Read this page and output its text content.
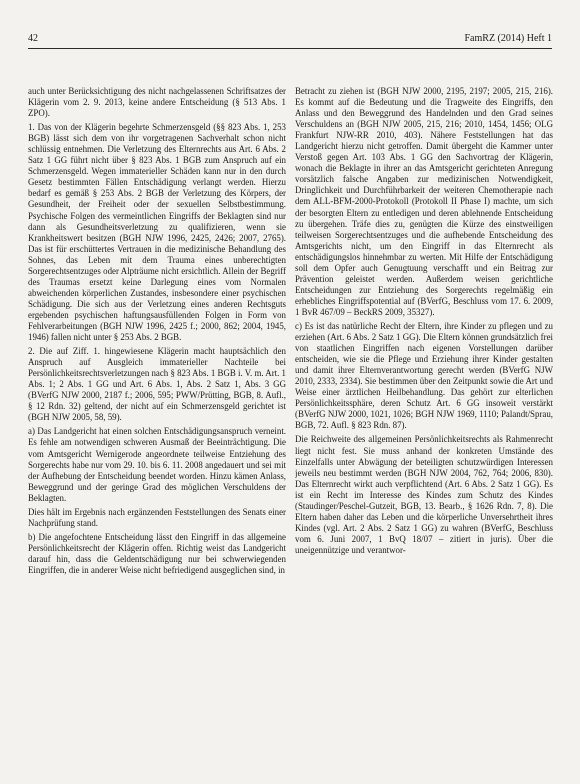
42	FamRZ (2014) Heft 1

auch unter Berücksichtigung des nicht nachgelassenen Schriftsatzes der Klägerin vom 2. 9. 2013, keine andere Entscheidung (§ 513 Abs. 1 ZPO).

1. Das von der Klägerin begehrte Schmerzensgeld (§§ 823 Abs. 1, 253 BGB) lässt sich dem von ihr vorgetragenen Sachverhalt schon nicht schlüssig entnehmen. Die Verletzung des Elternrechts aus Art. 6 Abs. 2 Satz 1 GG führt nicht über § 823 Abs. 1 BGB zum Anspruch auf ein Schmerzensgeld. Wegen immaterieller Schäden kann nur in den durch Gesetz bestimmten Fällen Entschädigung verlangt werden. Hierzu bedarf es gemäß § 253 Abs. 2 BGB der Verletzung des Körpers, der Gesundheit, der Freiheit oder der sexuellen Selbstbestimmung. Psychische Folgen des vermeintlichen Eingriffs der Beklagten sind nur dann als Gesundheitsverletzung zu qualifizieren, wenn sie Krankheitswert besitzen (BGH NJW 1996, 2425, 2426; 2007, 2765). Das ist für erschüttertes Vertrauen in die medizinische Behandlung des Sohnes, das Leben mit dem Trauma eines unberechtigten Sorgerechtsentzuges oder Alpträume nicht ersichtlich. Allein der Begriff des Traumas ersetzt keine Darlegung eines vom Normalen abweichenden körperlichen Zustandes, insbesondere einer psychischen Schädigung. Die sich aus der Verletzung eines anderen Rechtsguts ergebenden psychischen haftungsausfüllenden Folgen in Form von Fehlverarbeitungen (BGH NJW 1996, 2425 f.; 2000, 862; 2004, 1945, 1946) fallen nicht unter § 253 Abs. 2 BGB.

2. Die auf Ziff. 1. hingewiesene Klägerin macht hauptsächlich den Anspruch auf Ausgleich immaterieller Nachteile bei Persönlichkeitsrechtsverletzungen nach § 823 Abs. 1 BGB i. V. m. Art. 1 Abs. 1; 2 Abs. 1 GG und Art. 6 Abs. 1, Abs. 2 Satz 1, Abs. 3 GG (BVerfG NJW 2000, 2187 f.; 2006, 595; PWW/Prütting, BGB, 8. Aufl., § 12 Rdn. 32) geltend, der nicht auf ein Schmerzensgeld gerichtet ist (BGH NJW 2005, 58, 59).

a) Das Landgericht hat einen solchen Entschädigungsanspruch verneint. Es fehle am notwendigen schweren Ausmaß der Beeinträchtigung. Die vom Amtsgericht Wernigerode angeordnete teilweise Entziehung des Sorgerechts habe nur vom 29. 10. bis 6. 11. 2008 angedauert und sei mit der Aufhebung der Entscheidung beendet worden. Hinzu kämen Anlass, Beweggrund und der geringe Grad des möglichen Verschuldens der Beklagten.

Dies hält im Ergebnis nach ergänzenden Feststellungen des Senats einer Nachprüfung stand.

b) Die angefochtene Entscheidung lässt den Eingriff in das allgemeine Persönlichkeitsrecht der Klägerin offen. Richtig weist das Landgericht darauf hin, dass die Geldentschädigung nur bei schwerwiegenden Eingriffen, die in anderer Weise nicht befriedigend ausgeglichen sind, in

Betracht zu ziehen ist (BGH NJW 2000, 2195, 2197; 2005, 215, 216). Es kommt auf die Bedeutung und die Tragweite des Eingriffs, den Anlass und den Beweggrund des Handelnden und den Grad seines Verschuldens an (BGH NJW 2005, 215, 216; 2010, 1454, 1456; OLG Frankfurt NJW-RR 2010, 403). Nähere Feststellungen hat das Landgericht hierzu nicht getroffen. Damit übergeht die Kammer unter Verstoß gegen Art. 103 Abs. 1 GG den Sachvortrag der Klägerin, wonach die Beklagte in ihrer an das Amtsgericht gerichteten Anregung vorsätzlich falsche Angaben zur medizinischen Notwendigkeit, Dringlichkeit und Durchführbarkeit der weiteren Chemotherapie nach dem ALL-BFM-2000-Protokoll (Protokoll II Phase I) machte, um sich der besorgten Eltern zu entledigen und deren ablehnende Entscheidung zu übergehen. Träfe dies zu, genügten die Kürze des einstweiligen teilweisen Sorgerechtsentzuges und die aufhebende Entscheidung des Amtsgerichts nicht, um den Eingriff in das Elternrecht als entschädigungslos hinnehmbar zu werten. Mit Hilfe der Entschädigung soll dem Opfer auch Genugtuung verschafft und ein Beitrag zur Prävention geleistet werden. Außerdem weisen gerichtliche Entscheidungen zur Entziehung des Sorgerechts regelmäßig ein erhebliches Eingriffspotential auf (BVerfG, Beschluss vom 17. 6. 2009, 1 BvR 467/09 – BeckRS 2009, 35327).

c) Es ist das natürliche Recht der Eltern, ihre Kinder zu pflegen und zu erziehen (Art. 6 Abs. 2 Satz 1 GG). Die Eltern können grundsätzlich frei von staatlichen Eingriffen nach eigenen Vorstellungen darüber entscheiden, wie sie die Pflege und Erziehung ihrer Kinder gestalten und damit ihrer Elternverantwortung gerecht werden (BVerfG NJW 2010, 2333, 2334). Sie bestimmen über den Zeitpunkt sowie die Art und Weise einer ärztlichen Heilbehandlung. Das gehört zur elterlichen Persönlichkeitssphäre, deren Schutz Art. 6 GG insoweit verstärkt (BVerfG NJW 2000, 1021, 1026; BGH NJW 1969, 1110; Palandt/Sprau, BGB, 72. Aufl. § 823 Rdn. 87).

Die Reichweite des allgemeinen Persönlichkeitsrechts als Rahmenrecht liegt nicht fest. Sie muss anhand der konkreten Umstände des Einzelfalls unter Abwägung der beteiligten schutzwürdigen Interessen jeweils neu bestimmt werden (BGH NJW 2004, 762, 764; 2006, 830). Das Elternrecht wirkt auch verpflichtend (Art. 6 Abs. 2 Satz 1 GG). Es ist ein Recht im Interesse des Kindes zum Schutz des Kindes (Staudinger/Peschel-Gutzeit, BGB, 13. Bearb., § 1626 Rdn. 7, 8). Die Eltern haben daher das Leben und die körperliche Unversehrtheit ihres Kindes (vgl. Art. 2 Abs. 2 Satz 1 GG) zu wahren (BVerfG, Beschluss vom 6. Juni 2007, 1 BvQ 18/07 – zitiert in juris). Über die uneigennützige und verantwor-
